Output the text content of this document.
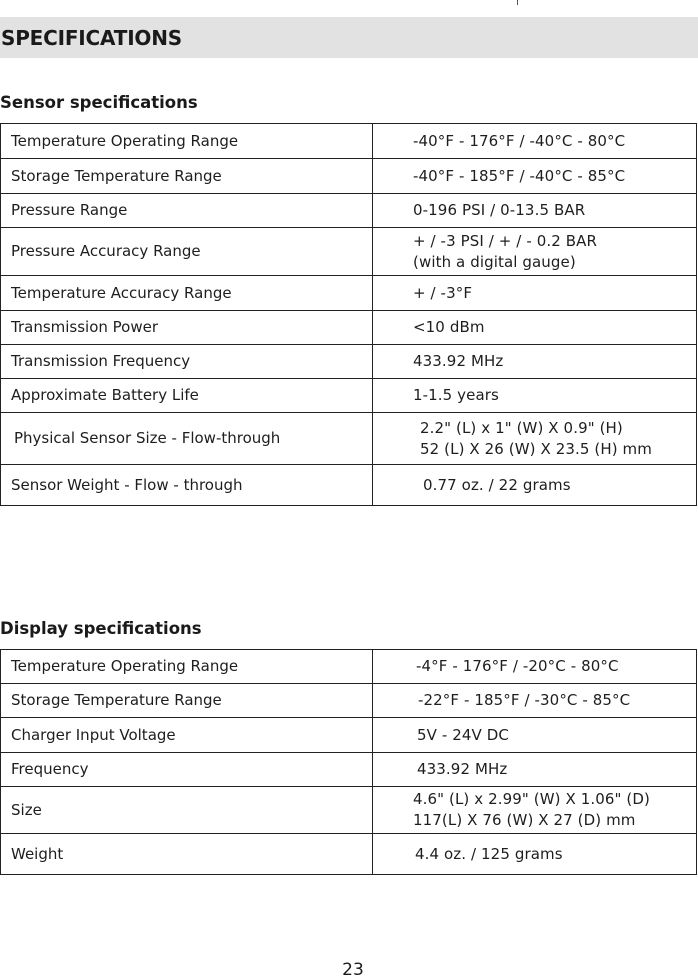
SPECIFICATIONS
Sensor specifications
Temperature Operating Range	-40°F - 176°F / -40°C - 80°C

Storage Temperature Range	-40°F - 185°F / -40°C - 85°C

Pressure Range	0-196 PSI / 0-13.5 BAR

Pressure Accuracy Range	+ / -3 PSI / + / - 0.2 BAR
(with a digital gauge)

Temperature Accuracy Range	+ / -3°F

Transmission Power	<10 dBm

Transmission Frequency	433.92 MHz

Approximate Battery Life	1-1.5 years

Physical Sensor Size - Flow-through	2.2" (L) x 1" (W) X 0.9" (H)
52 (L) X 26 (W) X 23.5 (H) mm

Sensor Weight - Flow - through	0.77 oz. / 22 grams
Display specifications
Temperature Operating Range	-4°F - 176°F / -20°C - 80°C

Storage Temperature Range	-22°F - 185°F / -30°C - 85°C

Charger Input Voltage	5V - 24V DC

Frequency	433.92 MHz

Size	4.6" (L) x 2.99" (W) X 1.06" (D)
117(L) X 76 (W) X 27 (D) mm

Weight	4.4 oz. / 125 grams
23
